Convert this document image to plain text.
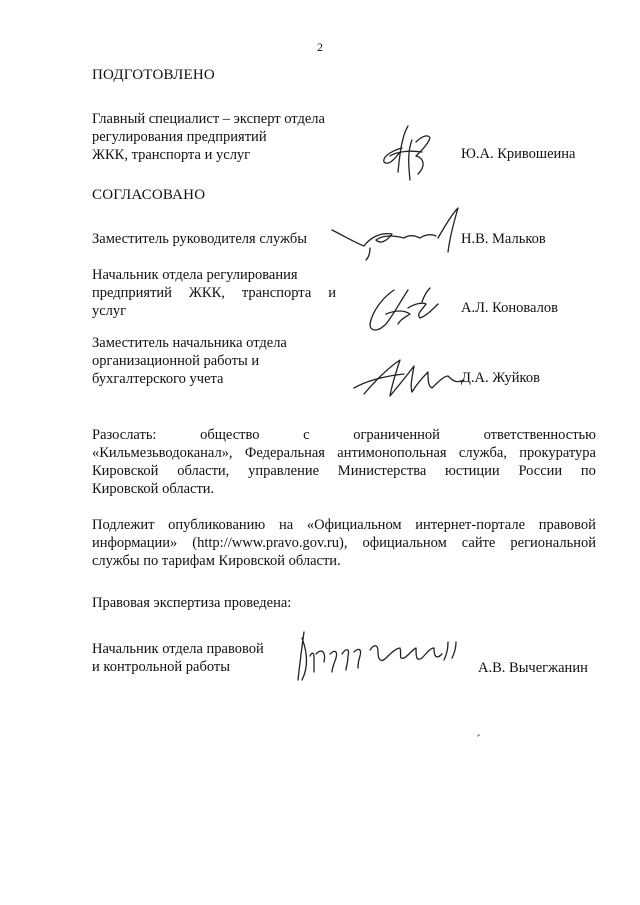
2
ПОДГОТОВЛЕНО
Главный специалист – эксперт отдела
регулирования предприятий
ЖКК, транспорта и услуг	Ю.А. Кривошеина
СОГЛАСОВАНО
Заместитель руководителя службы	Н.В. Мальков
Начальник отдела регулирования
предприятий ЖКК, транспорта и
услуг	А.Л. Коновалов
Заместитель начальника отдела
организационной работы и
бухгалтерского учета	Д.А. Жуйков
Разослать:	общество	с	ограниченной	ответственностью
«Кильмезьводоканал», Федеральная антимонопольная служба, прокуратура
Кировской области, управление Министерства юстиции России по
Кировской области.
Подлежит опубликованию на «Официальном интернет-портале правовой
информации» (http://www.pravo.gov.ru), официальном сайте региональной
службы по тарифам Кировской области.
Правовая экспертиза проведена:
Начальник отдела правовой
и контрольной работы	А.В. Вычегжанин
